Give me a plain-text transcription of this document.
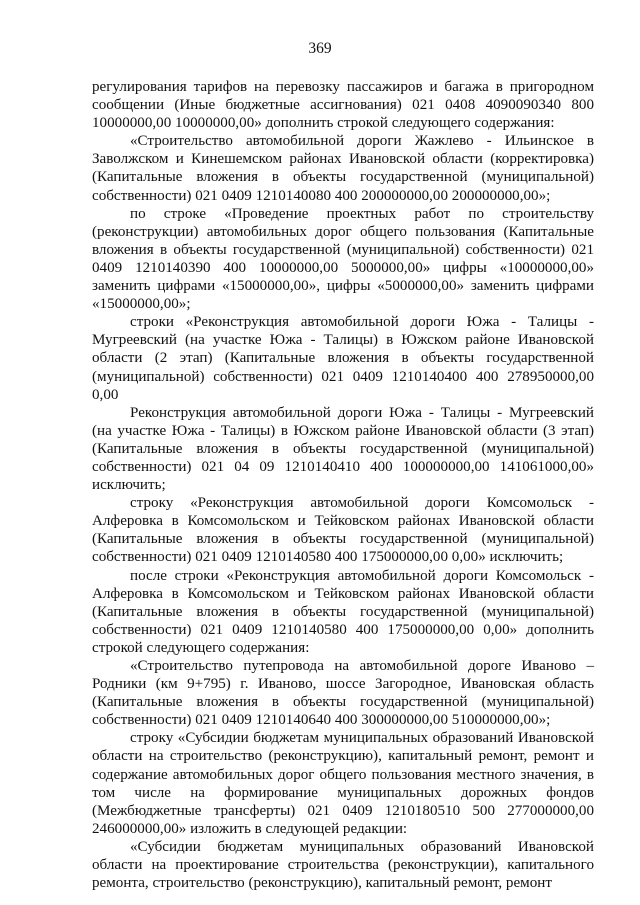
369

регулирования тарифов на перевозку пассажиров и багажа в пригородном сообщении (Иные бюджетные ассигнования) 021 0408 4090090340 800 10000000,00 10000000,00» дополнить строкой следующего содержания:

«Строительство автомобильной дороги Жажлево - Ильинское в Заволжском и Кинешемском районах Ивановской области (корректировка) (Капитальные вложения в объекты государственной (муниципальной) собственности) 021 0409 1210140080 400 200000000,00 200000000,00»;

по строке «Проведение проектных работ по строительству (реконструкции) автомобильных дорог общего пользования (Капитальные вложения в объекты государственной (муниципальной) собственности) 021 0409 1210140390 400 10000000,00 5000000,00» цифры «10000000,00» заменить цифрами «15000000,00», цифры «5000000,00» заменить цифрами «15000000,00»;

строки «Реконструкция автомобильной дороги Южа - Талицы - Мугреевский (на участке Южа - Талицы) в Южском районе Ивановской области (2 этап) (Капитальные вложения в объекты государственной (муниципальной) собственности) 021 0409 1210140400 400 278950000,00 0,00

Реконструкция автомобильной дороги Южа - Талицы - Мугреевский (на участке Южа - Талицы) в Южском районе Ивановской области (3 этап) (Капитальные вложения в объекты государственной (муниципальной) собственности) 021 04 09 1210140410 400 100000000,00 141061000,00» исключить;

строку «Реконструкция автомобильной дороги Комсомольск - Алферовка в Комсомольском и Тейковском районах Ивановской области (Капитальные вложения в объекты государственной (муниципальной) собственности) 021 0409 1210140580 400 175000000,00 0,00» исключить;

после строки «Реконструкция автомобильной дороги Комсомольск - Алферовка в Комсомольском и Тейковском районах Ивановской области (Капитальные вложения в объекты государственной (муниципальной) собственности) 021 0409 1210140580 400 175000000,00 0,00» дополнить строкой следующего содержания:

«Строительство путепровода на автомобильной дороге Иваново – Родники (км 9+795) г. Иваново, шоссе Загородное, Ивановская область (Капитальные вложения в объекты государственной (муниципальной) собственности) 021 0409 1210140640 400 300000000,00 510000000,00»;

строку «Субсидии бюджетам муниципальных образований Ивановской области на строительство (реконструкцию), капитальный ремонт, ремонт и содержание автомобильных дорог общего пользования местного значения, в том числе на формирование муниципальных дорожных фондов (Межбюджетные трансферты) 021 0409 1210180510 500 277000000,00 246000000,00» изложить в следующей редакции:

«Субсидии бюджетам муниципальных образований Ивановской области на проектирование строительства (реконструкции), капитального ремонта, строительство (реконструкцию), капитальный ремонт, ремонт
